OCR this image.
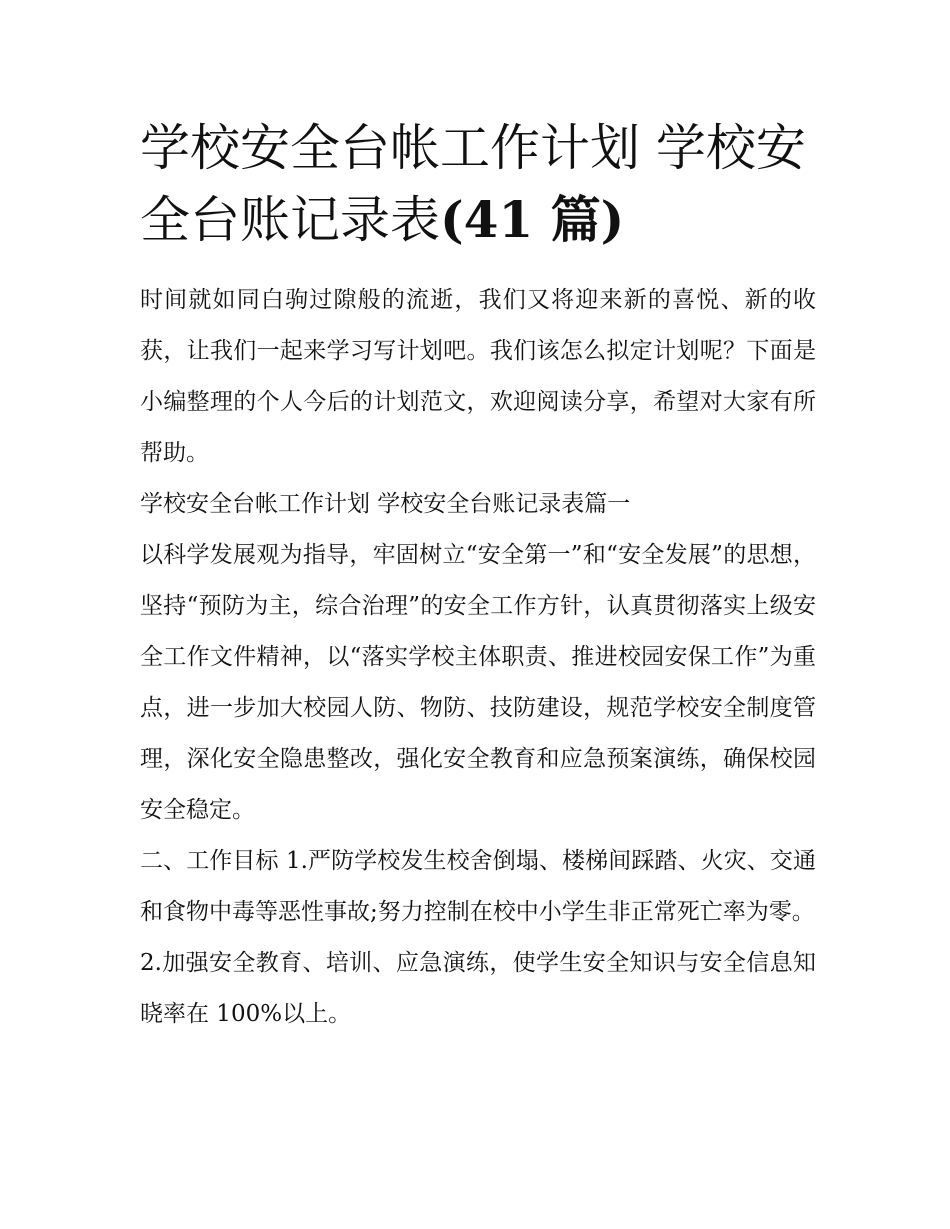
学校安全台帐工作计划 学校安全台账记录表(41 篇)

时间就如同白驹过隙般的流逝，我们又将迎来新的喜悦、新的收获，让我们一起来学习写计划吧。我们该怎么拟定计划呢？下面是小编整理的个人今后的计划范文，欢迎阅读分享，希望对大家有所帮助。

学校安全台帐工作计划 学校安全台账记录表篇一

以科学发展观为指导，牢固树立“安全第一”和“安全发展”的思想，坚持“预防为主，综合治理”的安全工作方针，认真贯彻落实上级安全工作文件精神，以“落实学校主体职责、推进校园安保工作”为重点，进一步加大校园人防、物防、技防建设，规范学校安全制度管理，深化安全隐患整改，强化安全教育和应急预案演练，确保校园安全稳定。

二、工作目标 1.严防学校发生校舍倒塌、楼梯间踩踏、火灾、交通和食物中毒等恶性事故;努力控制在校中小学生非正常死亡率为零。

2.加强安全教育、培训、应急演练，使学生安全知识与安全信息知晓率在 100%以上。
